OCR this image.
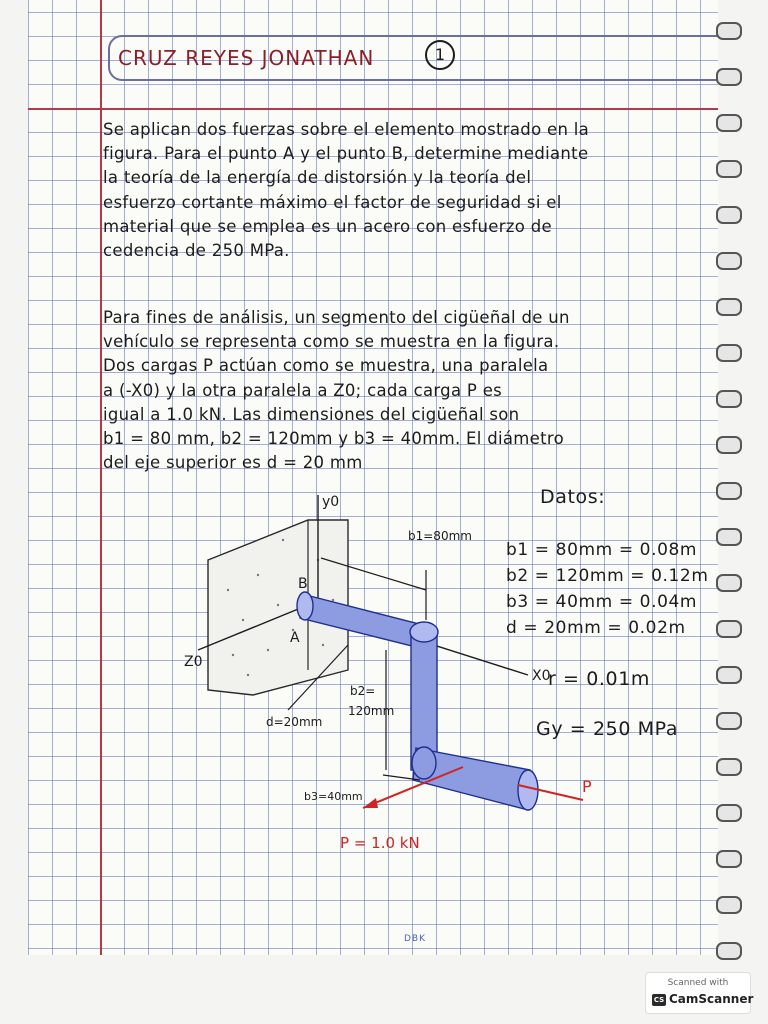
CRUZ REYES JONATHAN	1
Se aplican dos fuerzas sobre el elemento mostrado en la
figura. Para el punto A y el punto B, determine mediante
la teoría de la energía de distorsión y la teoría del
esfuerzo cortante máximo el factor de seguridad si el
material que se emplea es un acero con esfuerzo de
cedencia de 250 MPa.
Para fines de análisis, un segmento del cigüeñal de un
vehículo se representa como se muestra en la figura.
Dos cargas P actúan como se muestra, una paralela
a (-X0) y la otra paralela a Z0; cada carga P es
igual a 1.0 kN. Las dimensiones del cigüeñal son
b1 = 80 mm, b2 = 120mm y b3 = 40mm. El diámetro
del eje superior es d = 20 mm
Datos:
b1 = 80mm = 0.08m
b2 = 120mm = 0.12m
b3 = 40mm = 0.04m
d = 20mm = 0.02m
r = 0.01m
Gy = 250 MPa
y0
Z0
X0
b1=80mm
B
A
d=20mm
b2=
120mm
b3=40mm
P
P = 1.0 kN
DBK
Scanned with
CS CamScanner
